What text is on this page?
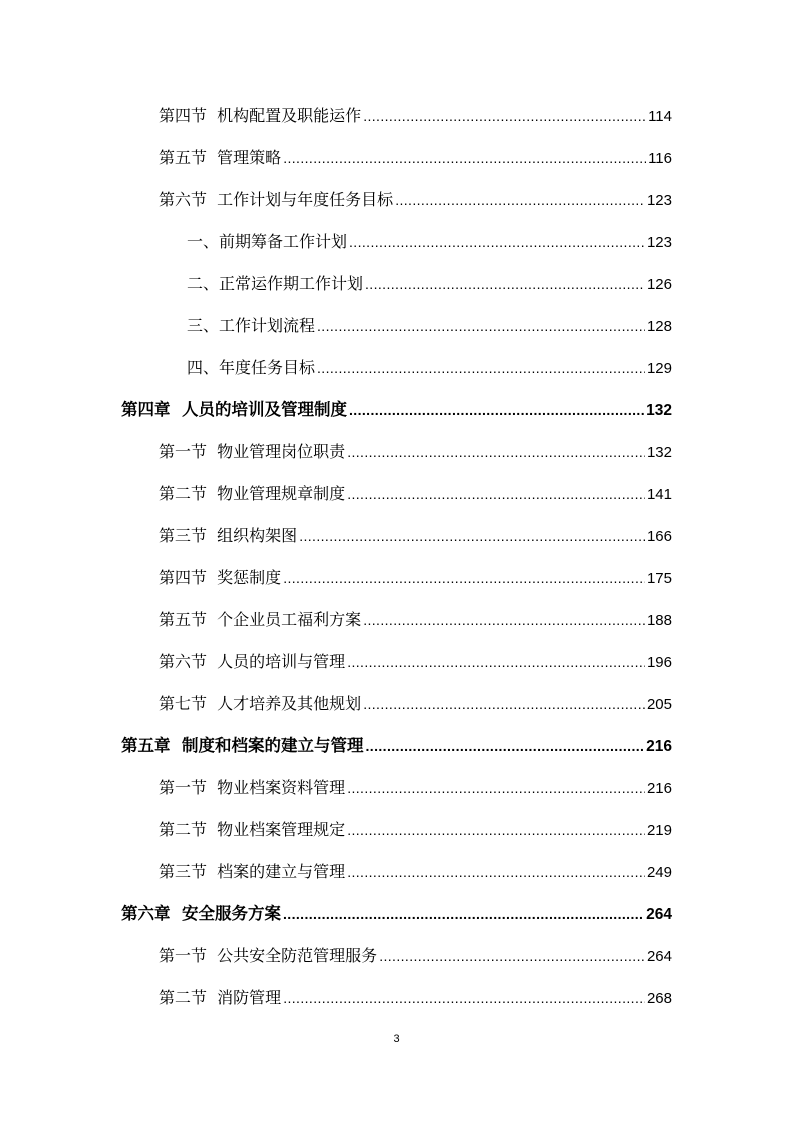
第四节  机构配置及职能运作 .....	114
第五节  管理策略 .....	116
第六节  工作计划与年度任务目标 .....	123
一、前期筹备工作计划 .....	123
二、正常运作期工作计划 .....	126
三、工作计划流程 .....	128
四、年度任务目标 .....	129
第四章  人员的培训及管理制度 .....	132
第一节  物业管理岗位职责 .....	132
第二节  物业管理规章制度 .....	141
第三节  组织构架图 .....	166
第四节  奖惩制度 .....	175
第五节  个企业员工福利方案 .....	188
第六节  人员的培训与管理 .....	196
第七节  人才培养及其他规划 .....	205
第五章  制度和档案的建立与管理 .....	216
第一节  物业档案资料管理 .....	216
第二节  物业档案管理规定 .....	219
第三节  档案的建立与管理 .....	249
第六章  安全服务方案 .....	264
第一节  公共安全防范管理服务 .....	264
第二节  消防管理 .....	268
3
